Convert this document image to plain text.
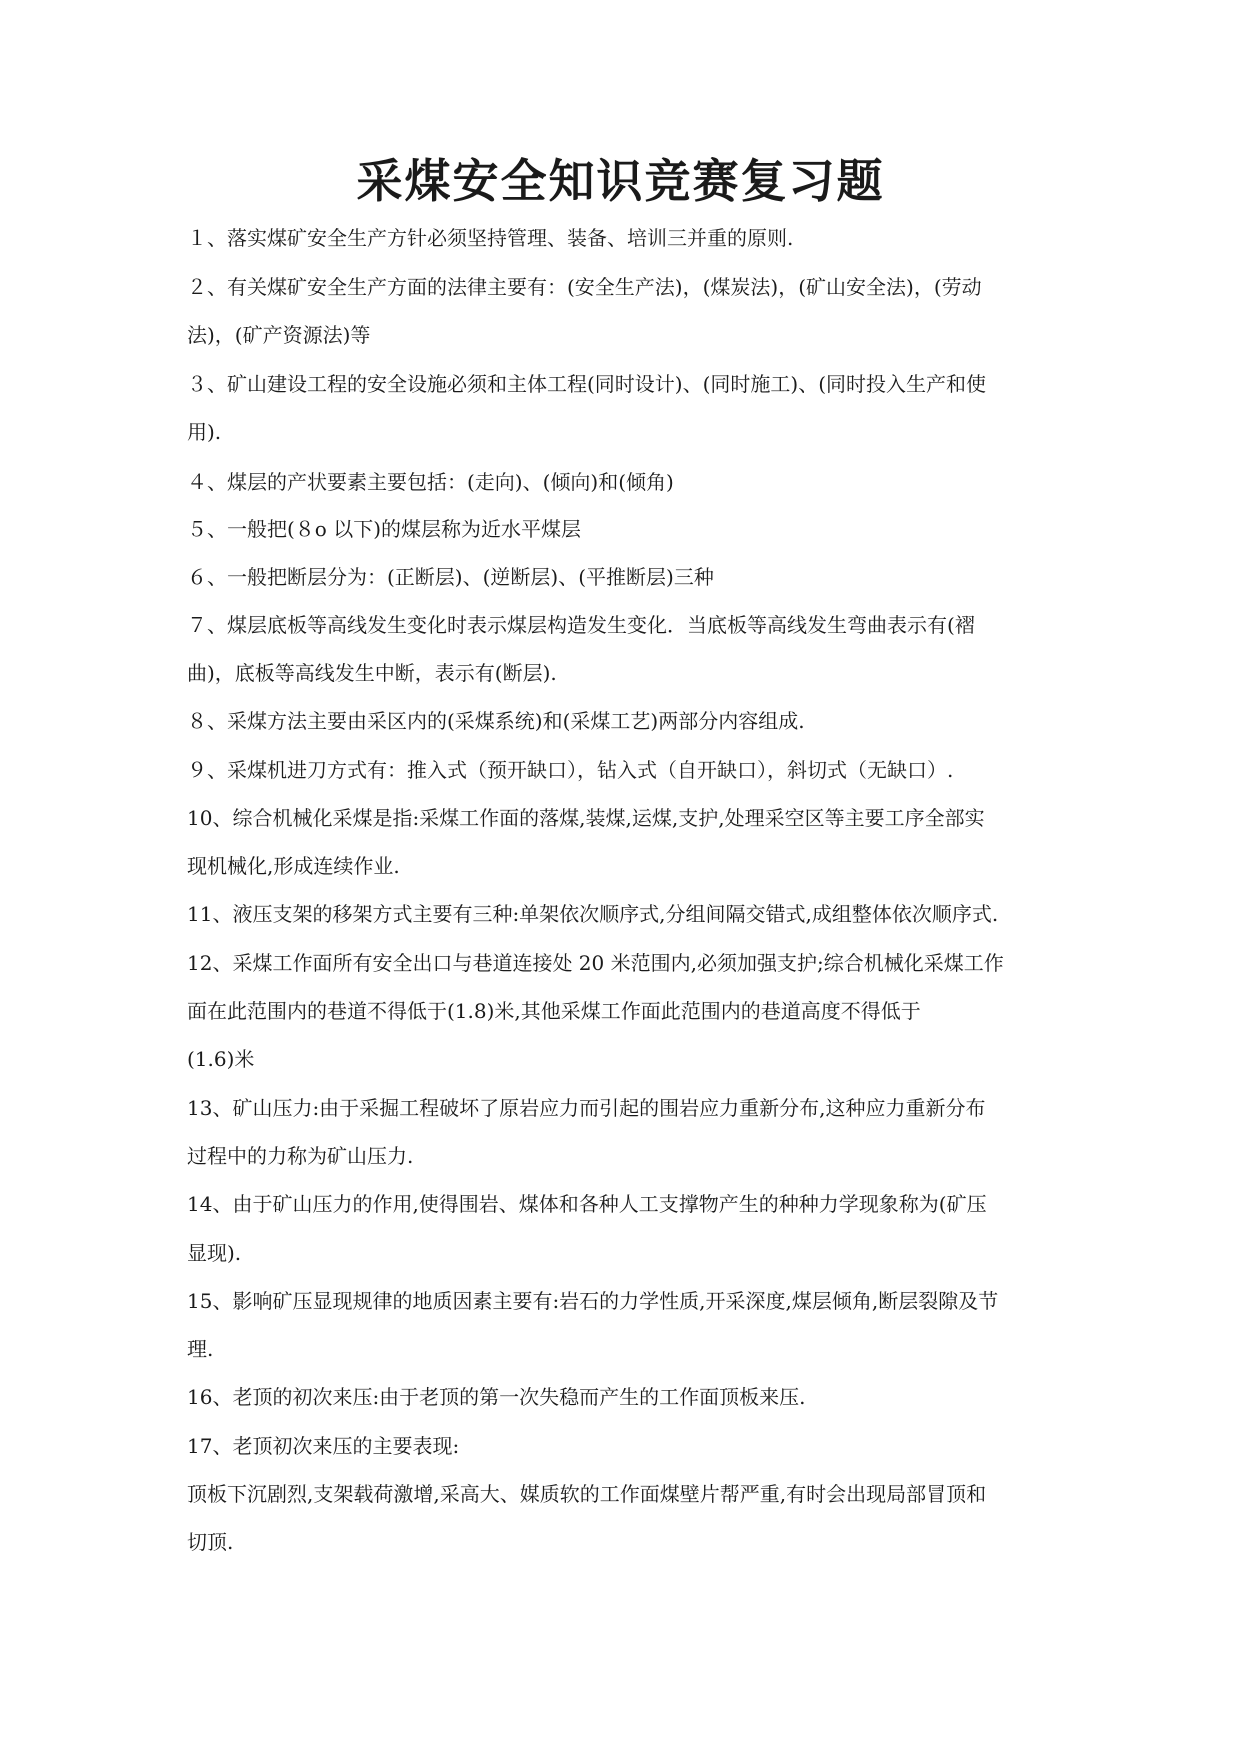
采煤安全知识竞赛复习题
１、落实煤矿安全生产方针必须坚持管理、装备、培训三并重的原则.
２、有关煤矿安全生产方面的法律主要有：(安全生产法)，(煤炭法)，(矿山安全法)，(劳动
法)，(矿产资源法)等
３、矿山建设工程的安全设施必须和主体工程(同时设计)、(同时施工)、(同时投入生产和使
用).
４、煤层的产状要素主要包括：(走向)、(倾向)和(倾角)
５、一般把(８o 以下)的煤层称为近水平煤层
６、一般把断层分为：(正断层)、(逆断层)、(平推断层)三种
７、煤层底板等高线发生变化时表示煤层构造发生变化．当底板等高线发生弯曲表示有(褶
曲)，底板等高线发生中断，表示有(断层).
８、采煤方法主要由采区内的(采煤系统)和(采煤工艺)两部分内容组成.
９、采煤机进刀方式有：推入式（预开缺口），钻入式（自开缺口），斜切式（无缺口）.
10、综合机械化采煤是指:采煤工作面的落煤,装煤,运煤,支护,处理采空区等主要工序全部实
现机械化,形成连续作业.
11、液压支架的移架方式主要有三种:单架依次顺序式,分组间隔交错式,成组整体依次顺序式.
12、采煤工作面所有安全出口与巷道连接处 20 米范围内,必须加强支护;综合机械化采煤工作
面在此范围内的巷道不得低于(1.8)米,其他采煤工作面此范围内的巷道高度不得低于
(1.6)米
13、矿山压力:由于采掘工程破坏了原岩应力而引起的围岩应力重新分布,这种应力重新分布
过程中的力称为矿山压力.
14、由于矿山压力的作用,使得围岩、煤体和各种人工支撑物产生的种种力学现象称为(矿压
显现).
15、影响矿压显现规律的地质因素主要有:岩石的力学性质,开采深度,煤层倾角,断层裂隙及节
理.
16、老顶的初次来压:由于老顶的第一次失稳而产生的工作面顶板来压.
17、老顶初次来压的主要表现:
顶板下沉剧烈,支架载荷激增,采高大、媒质软的工作面煤壁片帮严重,有时会出现局部冒顶和
切顶.
